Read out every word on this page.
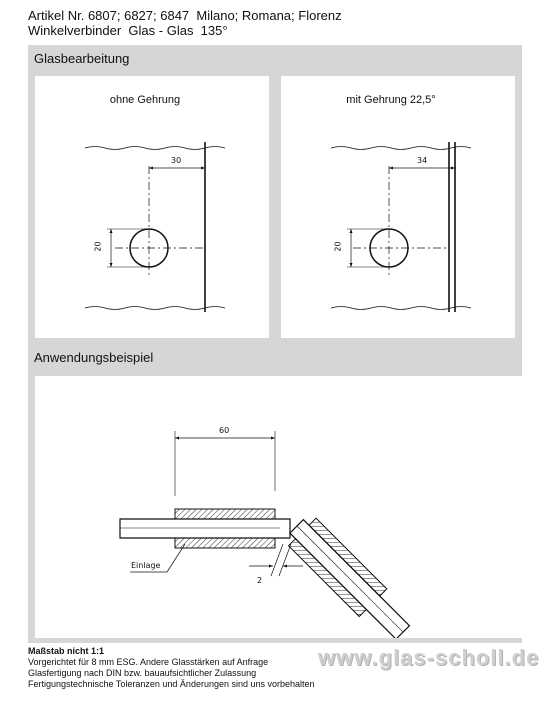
Artikel Nr. 6807; 6827; 6847  Milano; Romana; Florenz
Winkelverbinder  Glas - Glas  135°
Glasbearbeitung
ohne Gehrung
30
20
mit Gehrung 22,5°
34
20
Anwendungsbeispiel
60
2
Einlage
Maßstab nicht 1:1
Vorgerichtet für 8 mm ESG. Andere Glasstärken auf Anfrage
Glasfertigung nach DIN bzw. bauaufsichtlicher Zulassung
Fertigungstechnische Toleranzen und Änderungen sind uns vorbehalten
www.glas-scholl.de
